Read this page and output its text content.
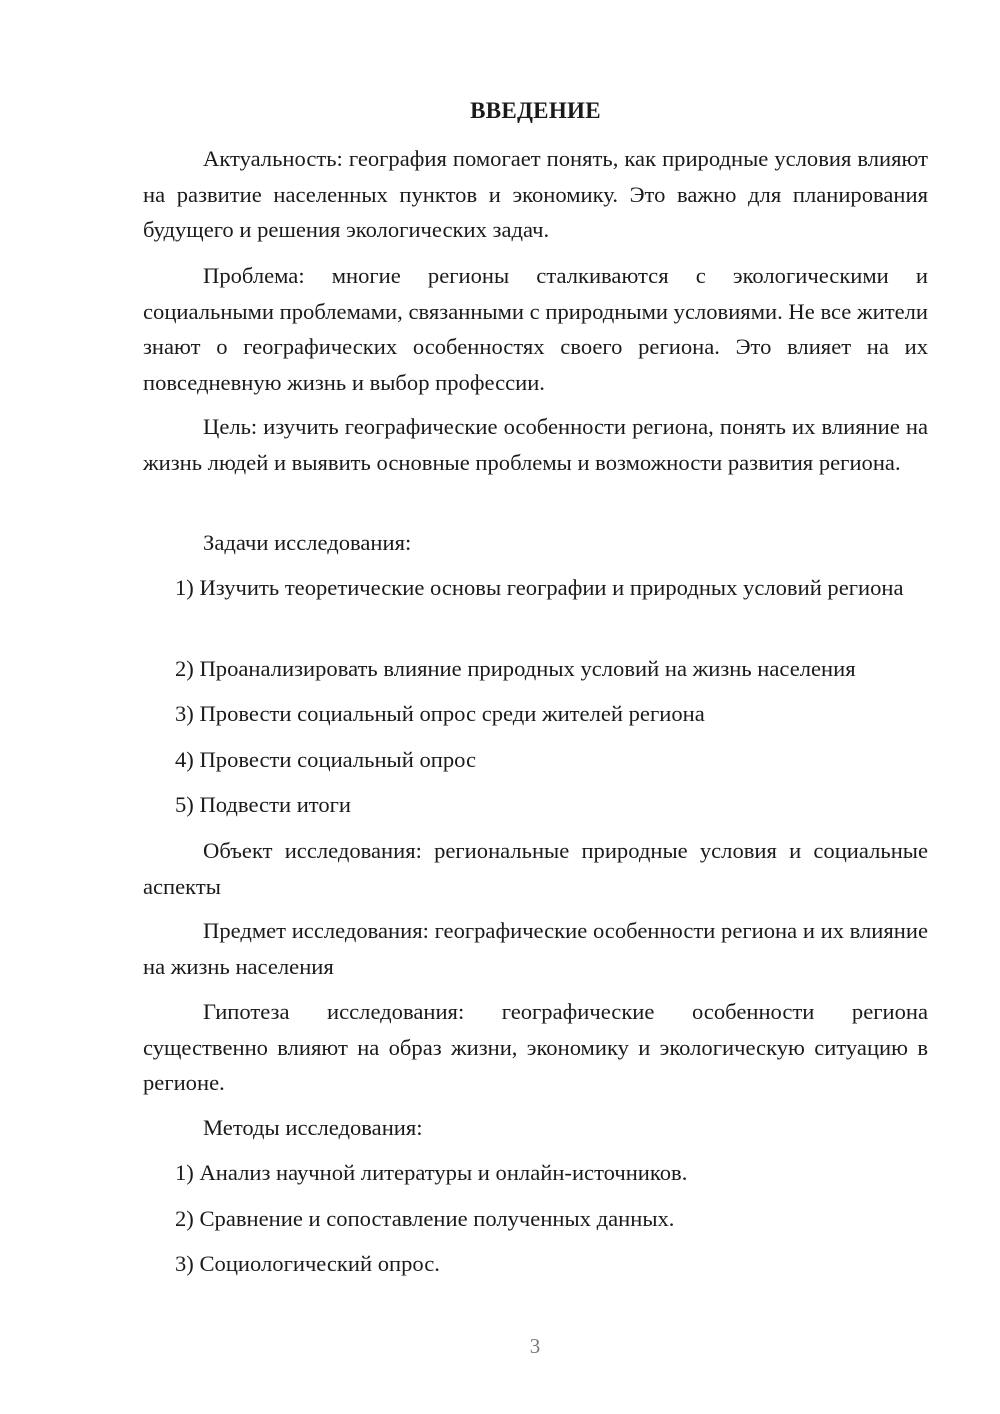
ВВЕДЕНИЕ
Актуальность: география помогает понять, как природные условия влияют на развитие населенных пунктов и экономику. Это важно для планирования будущего и решения экологических задач.
Проблема: многие регионы сталкиваются с экологическими и социальными проблемами, связанными с природными условиями. Не все жители знают о географических особенностях своего региона. Это влияет на их повседневную жизнь и выбор профессии.
Цель: изучить географические особенности региона, понять их влияние на жизнь людей и выявить основные проблемы и возможности развития региона.
Задачи исследования:
1) Изучить теоретические основы географии и природных условий региона
2) Проанализировать влияние природных условий на жизнь населения
3) Провести социальный опрос среди жителей региона
4) Провести социальный опрос
5) Подвести итоги
Объект исследования: региональные природные условия и социальные аспекты
Предмет исследования: географические особенности региона и их влияние на жизнь населения
Гипотеза исследования: географические особенности региона существенно влияют на образ жизни, экономику и экологическую ситуацию в регионе.
Методы исследования:
1) Анализ научной литературы и онлайн-источников.
2) Сравнение и сопоставление полученных данных.
3) Социологический опрос.
3
